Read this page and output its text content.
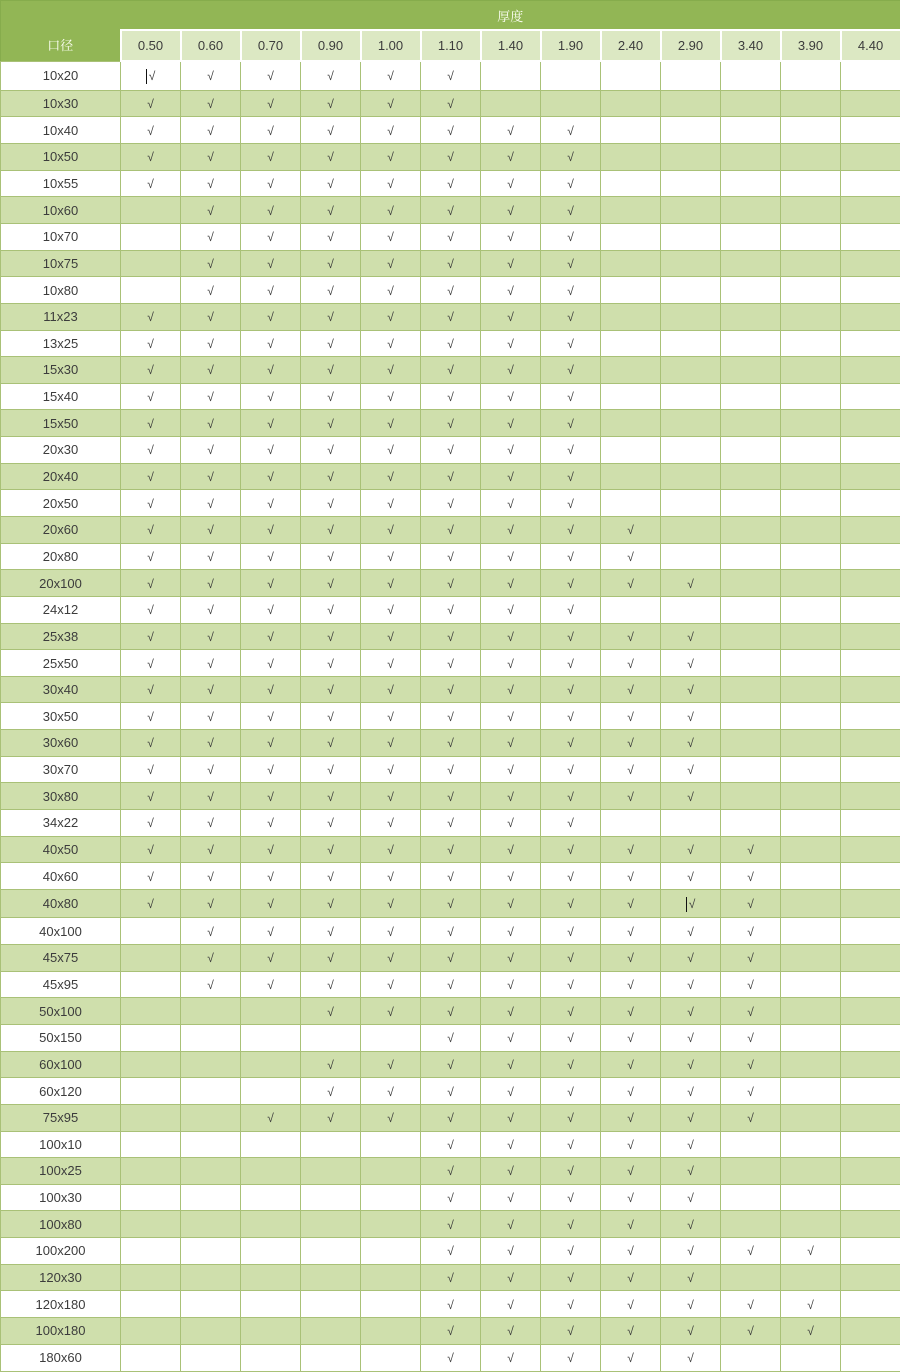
口径	厚度												
	0.50	0.60	0.70	0.90	1.00	1.10	1.40	1.90	2.40	2.90	3.40	3.90	4.40
10x20	√	√	√	√	√	√							
10x30	√	√	√	√	√	√							
10x40	√	√	√	√	√	√	√	√					
10x50	√	√	√	√	√	√	√	√					
10x55	√	√	√	√	√	√	√	√					
10x60		√	√	√	√	√	√	√					
10x70		√	√	√	√	√	√	√					
10x75		√	√	√	√	√	√	√					
10x80		√	√	√	√	√	√	√					
11x23	√	√	√	√	√	√	√	√					
13x25	√	√	√	√	√	√	√	√					
15x30	√	√	√	√	√	√	√	√					
15x40	√	√	√	√	√	√	√	√					
15x50	√	√	√	√	√	√	√	√					
20x30	√	√	√	√	√	√	√	√					
20x40	√	√	√	√	√	√	√	√					
20x50	√	√	√	√	√	√	√	√					
20x60	√	√	√	√	√	√	√	√	√				
20x80	√	√	√	√	√	√	√	√	√				
20x100	√	√	√	√	√	√	√	√	√	√			
24x12	√	√	√	√	√	√	√	√					
25x38	√	√	√	√	√	√	√	√	√	√			
25x50	√	√	√	√	√	√	√	√	√	√			
30x40	√	√	√	√	√	√	√	√	√	√			
30x50	√	√	√	√	√	√	√	√	√	√			
30x60	√	√	√	√	√	√	√	√	√	√			
30x70	√	√	√	√	√	√	√	√	√	√			
30x80	√	√	√	√	√	√	√	√	√	√			
34x22	√	√	√	√	√	√	√	√					
40x50	√	√	√	√	√	√	√	√	√	√	√		
40x60	√	√	√	√	√	√	√	√	√	√	√		
40x80	√	√	√	√	√	√	√	√	√	√	√		
40x100		√	√	√	√	√	√	√	√	√	√		
45x75		√	√	√	√	√	√	√	√	√	√		
45x95		√	√	√	√	√	√	√	√	√	√		
50x100				√	√	√	√	√	√	√	√		
50x150						√	√	√	√	√	√		
60x100				√	√	√	√	√	√	√	√		
60x120				√	√	√	√	√	√	√	√		
75x95			√	√	√	√	√	√	√	√	√		
100x10						√	√	√	√	√			
100x25						√	√	√	√	√			
100x30						√	√	√	√	√			
100x80						√	√	√	√	√			
100x200						√	√	√	√	√	√	√	
120x30						√	√	√	√	√			
120x180						√	√	√	√	√	√	√	
100x180						√	√	√	√	√	√	√	
180x60						√	√	√	√	√			
